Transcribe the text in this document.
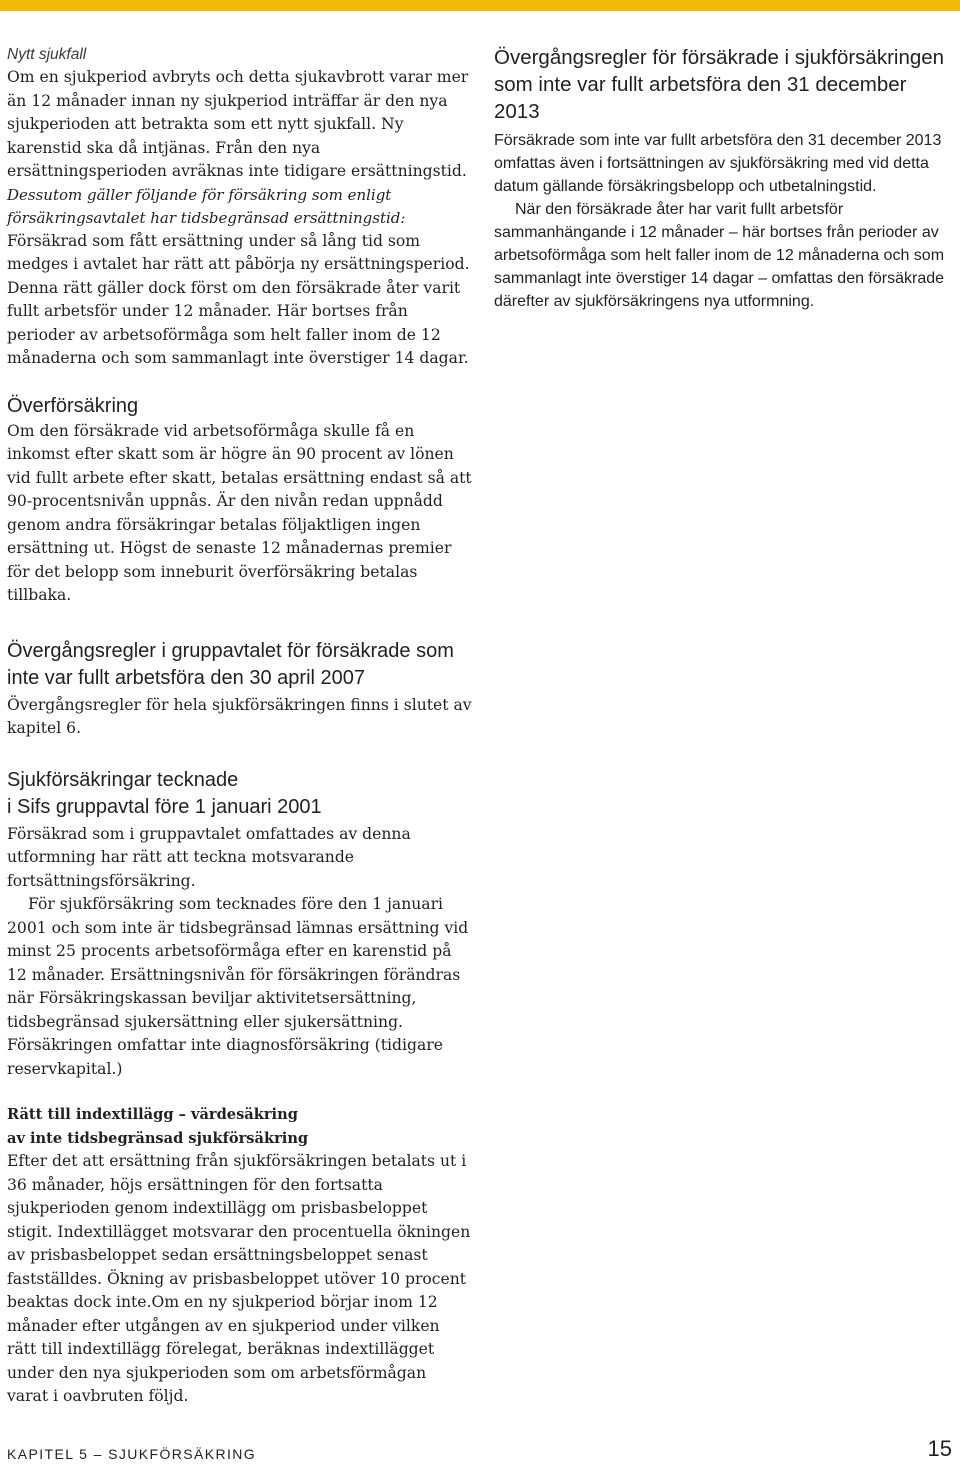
Nytt sjukfall

Om en sjukperiod avbryts och detta sjukavbrott varar mer än 12 månader innan ny sjukperiod inträffar är den nya sjukperioden att betrakta som ett nytt sjukfall. Ny karenstid ska då intjänas. Från den nya ersättningsperioden avräknas inte tidigare ersättningstid.

Dessutom gäller följande för försäkring som enligt försäkringsavtalet har tidsbegränsad ersättningstid:

Försäkrad som fått ersättning under så lång tid som medges i avtalet har rätt att påbörja ny ersättningsperiod. Denna rätt gäller dock först om den försäkrade åter varit fullt arbetsför under 12 månader. Här bortses från perioder av arbetsoförmåga som helt faller inom de 12 månaderna och som sammanlagt inte överstiger 14 dagar.

Överförsäkring

Om den försäkrade vid arbetsoförmåga skulle få en inkomst efter skatt som är högre än 90 procent av lönen vid fullt arbete efter skatt, betalas ersättning endast så att 90-procentsnivån uppnås. Är den nivån redan uppnådd genom andra försäkringar betalas följaktligen ingen ersättning ut. Högst de senaste 12 månadernas premier för det belopp som inneburit överförsäkring betalas tillbaka.

Övergångsregler i gruppavtalet för försäkrade som inte var fullt arbetsföra den 30 april 2007

Övergångsregler för hela sjukförsäkringen finns i slutet av kapitel 6.

Sjukförsäkringar tecknade
i Sifs gruppavtal före 1 januari 2001

Försäkrad som i gruppavtalet omfattades av denna utformning har rätt att teckna motsvarande fortsättningsförsäkring.

För sjukförsäkring som tecknades före den 1 januari 2001 och som inte är tidsbegränsad lämnas ersättning vid minst 25 procents arbetsoförmåga efter en karenstid på 12 månader. Ersättningsnivån för försäkringen förändras när Försäkringskassan beviljar aktivitetsersättning, tidsbegränsad sjukersättning eller sjukersättning. Försäkringen omfattar inte diagnosförsäkring (tidigare reservkapital.)

Rätt till indextillägg – värdesäkring
av inte tidsbegränsad sjukförsäkring

Efter det att ersättning från sjukförsäkringen betalats ut i 36 månader, höjs ersättningen för den fortsatta sjukperioden genom indextillägg om prisbasbeloppet stigit. Indextillägget motsvarar den procentuella ökningen av prisbasbeloppet sedan ersättningsbeloppet senast fastställdes. Ökning av prisbasbeloppet utöver 10 procent beaktas dock inte.Om en ny sjukperiod börjar inom 12 månader efter utgången av en sjukperiod under vilken rätt till indextillägg förelegat, beräknas indextillägget under den nya sjukperioden som om arbetsförmågan varat i oavbruten följd.

Övergångsregler för försäkrade i sjukförsäkringen som inte var fullt arbetsföra den 31 december 2013

Försäkrade som inte var fullt arbetsföra den 31 december 2013 omfattas även i fortsättningen av sjukförsäkring med vid detta datum gällande försäkringsbelopp och utbetalningstid.

När den försäkrade åter har varit fullt arbetsför sammanhängande i 12 månader – här bortses från perioder av arbetsoförmåga som helt faller inom de 12 månaderna och som sammanlagt inte överstiger 14 dagar – omfattas den försäkrade därefter av sjukförsäkringens nya utformning.

KAPITEL 5 – SJUKFÖRSÄKRING	15
